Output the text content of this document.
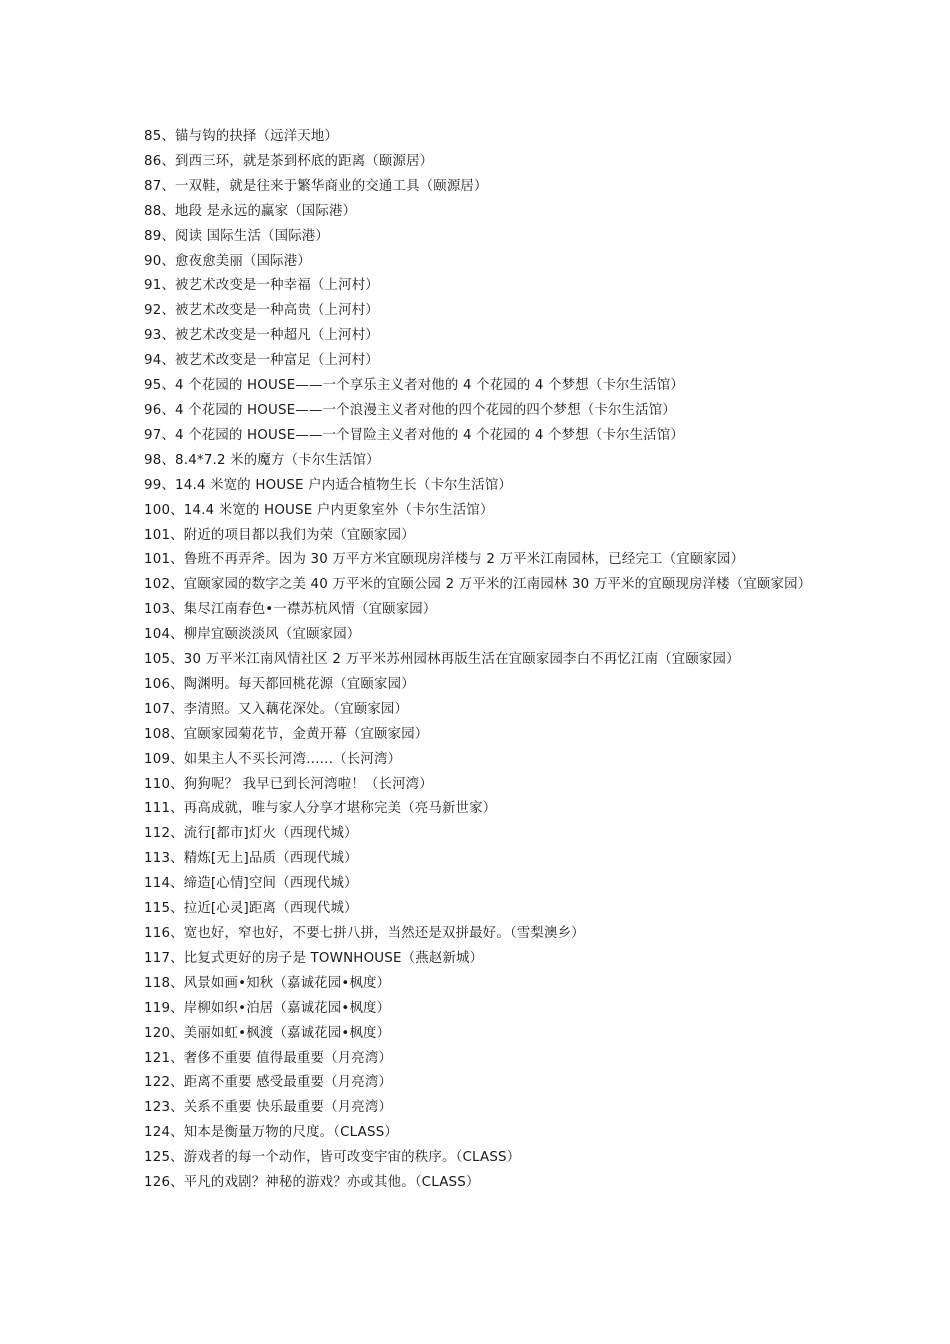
85、锚与钩的抉择（远洋天地）
86、到西三环，就是茶到杯底的距离（颐源居）
87、一双鞋，就是往来于繁华商业的交通工具（颐源居）
88、地段 是永远的赢家（国际港）
89、阅读 国际生活（国际港）
90、愈夜愈美丽（国际港）
91、被艺术改变是一种幸福（上河村）
92、被艺术改变是一种高贵（上河村）
93、被艺术改变是一种超凡（上河村）
94、被艺术改变是一种富足（上河村）
95、4 个花园的 HOUSE——一个享乐主义者对他的 4 个花园的 4 个梦想（卡尔生活馆）
96、4 个花园的 HOUSE——一个浪漫主义者对他的四个花园的四个梦想（卡尔生活馆）
97、4 个花园的 HOUSE——一个冒险主义者对他的 4 个花园的 4 个梦想（卡尔生活馆）
98、8.4*7.2 米的魔方（卡尔生活馆）
99、14.4 米宽的 HOUSE 户内适合植物生长（卡尔生活馆）
100、14.4 米宽的 HOUSE 户内更象室外（卡尔生活馆）
101、附近的项目都以我们为荣（宜颐家园）
101、鲁班不再弄斧。因为 30 万平方米宜颐现房洋楼与 2 万平米江南园林，已经完工（宜颐家园）
102、宜颐家园的数字之美 40 万平米的宜颐公园 2 万平米的江南园林 30 万平米的宜颐现房洋楼（宜颐家园）
103、集尽江南春色•一襟苏杭风情（宜颐家园）
104、柳岸宜颐淡淡风（宜颐家园）
105、30 万平米江南风情社区 2 万平米苏州园林再版生活在宜颐家园李白不再忆江南（宜颐家园）
106、陶渊明。每天都回桃花源（宜颐家园）
107、李清照。又入藕花深处。（宜颐家园）
108、宜颐家园菊花节，金黄开幕（宜颐家园）
109、如果主人不买长河湾……（长河湾）
110、狗狗呢？ 我早已到长河湾啦！（长河湾）
111、再高成就，唯与家人分享才堪称完美（亮马新世家）
112、流行[都市]灯火（西现代城）
113、精炼[无上]品质（西现代城）
114、缔造[心情]空间（西现代城）
115、拉近[心灵]距离（西现代城）
116、宽也好，窄也好，不要七拼八拼，当然还是双拼最好。（雪梨澳乡）
117、比复式更好的房子是 TOWNHOUSE（燕赵新城）
118、风景如画•知秋（嘉诚花园•枫度）
119、岸柳如织•泊居（嘉诚花园•枫度）
120、美丽如虹•枫渡（嘉诚花园•枫度）
121、奢侈不重要 值得最重要（月亮湾）
122、距离不重要 感受最重要（月亮湾）
123、关系不重要 快乐最重要（月亮湾）
124、知本是衡量万物的尺度。（CLASS）
125、游戏者的每一个动作，皆可改变宇宙的秩序。（CLASS）
126、平凡的戏剧？神秘的游戏？亦或其他。（CLASS）
